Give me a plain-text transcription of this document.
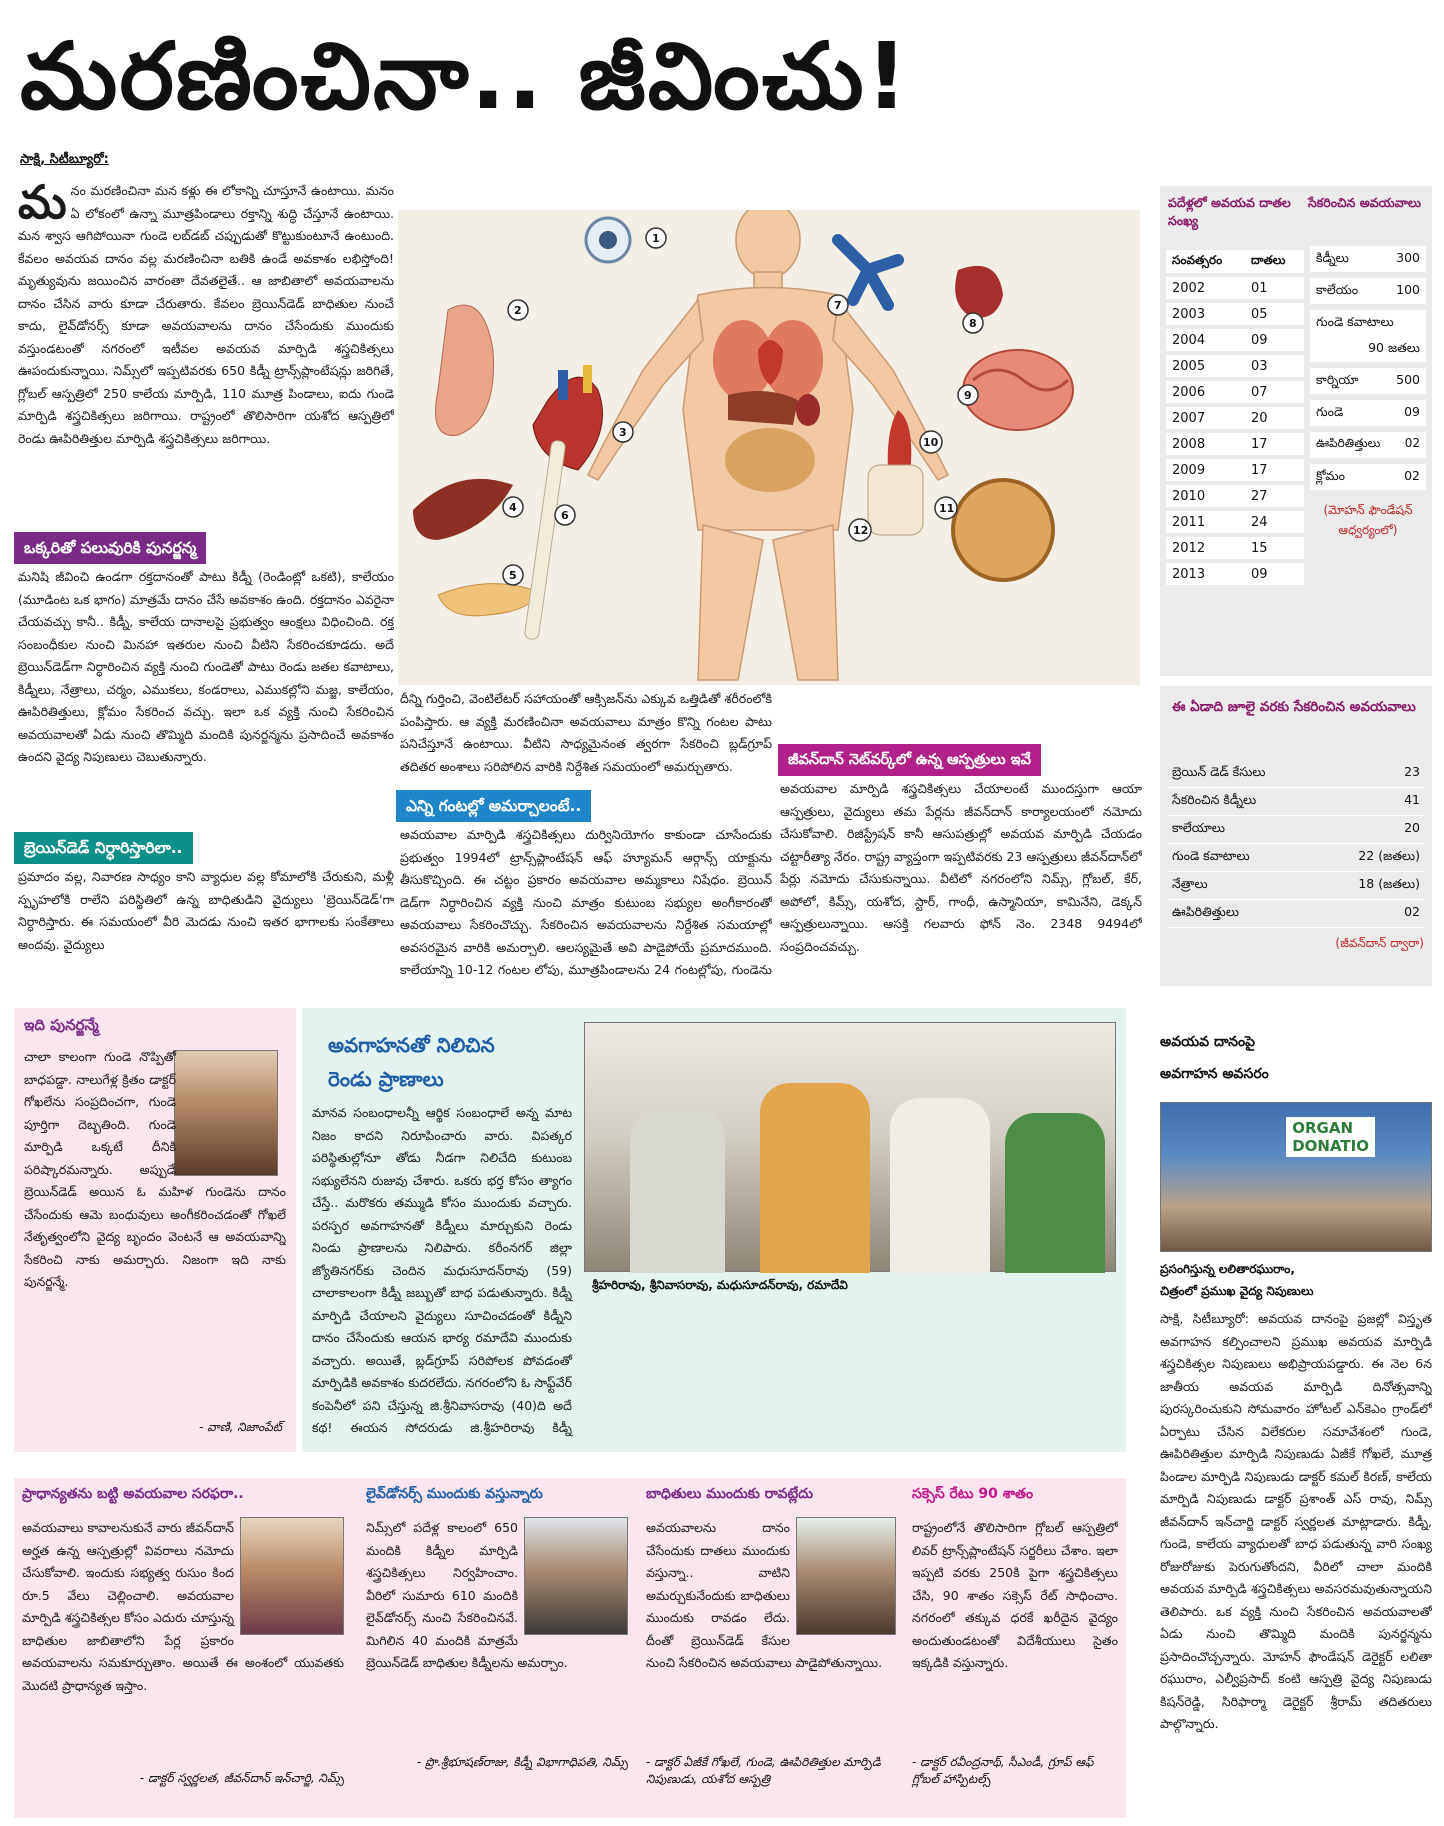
మరణించినా.. జీవించు!
సాక్షి, సిటీబ్యూరో:
మనం మరణించినా మన కళ్లు ఈ లోకాన్ని చూస్తూనే ఉంటాయి. మనం ఏ లోకంలో ఉన్నా మూత్రపిండాలు రక్తాన్ని శుద్ధి చేస్తూనే ఉంటాయి. మన శ్వాస ఆగిపోయినా గుండె లబ్‌డబ్ చప్పుడుతో కొట్టుకుంటూనే ఉంటుంది. కేవలం అవయవ దానం వల్ల మరణించినా బతికి ఉండే అవకాశం లభిస్తోంది! మృత్యువును జయించిన వారంతా దేవతలైతే.. ఆ జాబితాలో అవయవాలను దానం చేసిన వారు కూడా చేరుతారు. కేవలం బ్రెయిన్‌డెడ్ బాధితుల నుంచే కాదు, లైవ్‌డోనర్స్ కూడా అవయవాలను దానం చేసేందుకు ముందుకు వస్తుండటంతో నగరంలో ఇటీవల అవయవ మార్పిడి శస్త్రచికిత్సలు ఊపందుకున్నాయి. నిమ్స్‌లో ఇప్పటివరకు 650 కిడ్నీ ట్రాన్స్‌ప్లాంటేషన్లు జరిగితే, గ్లోబల్ ఆస్పత్రిలో 250 కాలేయ మార్పిడి, 110 మూత్ర పిండాలు, ఐదు గుండె మార్పిడి శస్త్రచికిత్సలు జరిగాయి. రాష్ట్రంలో తొలిసారిగా యశోద ఆస్పత్రిలో రెండు ఊపిరితిత్తుల మార్పిడి శస్త్రచికిత్సలు జరిగాయి.
ఒక్కరితో పలువురికి పునర్జన్మ
మనిషి జీవించి ఉండగా రక్తదానంతో పాటు కిడ్నీ (రెండింట్లో ఒకటి), కాలేయం (మూడింట ఒక భాగం) మాత్రమే దానం చేసే అవకాశం ఉంది. రక్తదానం ఎవరైనా చేయవచ్చు కానీ.. కిడ్నీ, కాలేయ దానాలపై ప్రభుత్వం ఆంక్షలు విధించింది. రక్త సంబంధీకుల నుంచి మినహా ఇతరుల నుంచి వీటిని సేకరించకూడదు. అదే బ్రెయిన్‌డెడ్‌గా నిర్ధారించిన వ్యక్తి నుంచి గుండెతో పాటు రెండు జతల కవాటాలు, కిడ్నీలు, నేత్రాలు, చర్మం, ఎముకలు, కండరాలు, ఎముకల్లోని మజ్జ, కాలేయం, ఊపిరితిత్తులు, క్లోమం సేకరించ వచ్చు. ఇలా ఒక వ్యక్తి నుంచి సేకరించిన అవయవాలతో ఏడు నుంచి తొమ్మిది మందికి పునర్జన్మను ప్రసాదించే అవకాశం ఉందని వైద్య నిపుణులు చెబుతున్నారు.
బ్రెయిన్‌డెడ్ నిర్ధారిస్తారిలా..
ప్రమాదం వల్ల, నివారణ సాధ్యం కాని వ్యాధుల వల్ల కోమాలోకి చేరుకుని, మళ్లీ స్పృహలోకి రాలేని పరిస్థితిలో ఉన్న బాధితుడిని వైద్యులు 'బ్రెయిన్‌డెడ్'గా నిర్ధారిస్తారు. ఈ సమయంలో వీరి మెదడు నుంచి ఇతర భాగాలకు సంకేతాలు అందవు. వైద్యులు
1
2
3
4
5
6
7
8
9
10
11
12
దీన్ని గుర్తించి, వెంటిలేటర్ సహాయంతో ఆక్సిజన్‌ను ఎక్కువ ఒత్తిడితో శరీరంలోకి పంపిస్తారు. ఆ వ్యక్తి మరణించినా అవయవాలు మాత్రం కొన్ని గంటల పాటు పనిచేస్తూనే ఉంటాయి. వీటిని సాధ్యమైనంత త్వరగా సేకరించి బ్లడ్‌గ్రూప్ తదితర అంశాలు సరిపోలిన వారికి నిర్దేశిత సమయంలో అమర్చుతారు.
ఎన్ని గంటల్లో అమర్చాలంటే..
అవయవాల మార్పిడి శస్త్రచికిత్సలు దుర్వినియోగం కాకుండా చూసేందుకు ప్రభుత్వం 1994లో ట్రాన్స్‌ప్లాంటేషన్ ఆఫ్ హ్యూమన్ ఆర్గాన్స్ యాక్టును తీసుకొచ్చింది. ఈ చట్టం ప్రకారం అవయవాల అమ్మకాలు నిషేధం. బ్రెయిన్ డెడ్‌గా నిర్ధారించిన వ్యక్తి నుంచి మాత్రం కుటుంబ సభ్యుల అంగీకారంతో అవయవాలు సేకరించొచ్చు. సేకరించిన అవయవాలను నిర్దేశిత సమయాల్లో అవసరమైన వారికి అమర్చాలి. ఆలస్యమైతే అవి పాడైపోయే ప్రమాదముంది. కాలేయాన్ని 10-12 గంటల లోపు, మూత్రపిండాలను 24 గంటల్లోపు, గుండెను
జీవన్‌దాన్ నెట్‌వర్క్‌లో ఉన్న ఆస్పత్రులు ఇవే
అవయవాల మార్పిడి శస్త్రచికిత్సలు చేయాలంటే ముందస్తుగా ఆయా ఆస్పత్రులు, వైద్యులు తమ పేర్లను జీవన్‌దాన్ కార్యాలయంలో నమోదు చేసుకోవాలి. రిజిస్ట్రేషన్ కానీ ఆసుపత్రుల్లో అవయవ మార్పిడి చేయడం చట్టారీత్యా నేరం. రాష్ట్ర వ్యాప్తంగా ఇప్పటివరకు 23 ఆస్పత్రులు జీవన్‌దాన్‌లో పేర్లు నమోదు చేసుకున్నాయి. వీటిలో నగరంలోని నిమ్స్, గ్లోబల్, కేర్, అపోలో, కిమ్స్, యశోద, స్టార్, గాంధీ, ఉస్మానియా, కామినేని, డెక్కన్ ఆస్పత్రులున్నాయి. ఆసక్తి గలవారు ఫోన్ నెం. 2348 9494లో సంప్రదించవచ్చు.
పదేళ్లలో అవయవ దాతల సంఖ్య
సేకరించిన అవయవాలు
సంవత్సరం	దాతలు
2002	01
2003	05
2004	09
2005	03
2006	07
2007	20
2008	17
2009	17
2010	27
2011	24
2012	15
2013	09
కిడ్నీలు	300
కాలేయం	100
గుండె కవాటాలు
90 జతలు
కార్నియా	500
గుండె	09
ఊపిరితిత్తులు 02
క్లోమం	02
(మోహన్ ఫౌండేషన్ ఆధ్వర్యంలో)
ఈ ఏడాది జూలై వరకు సేకరించిన అవయవాలు
బ్రెయిన్ డెడ్ కేసులు	23
సేకరించిన కిడ్నీలు	41
కాలేయాలు	20
గుండె కవాటాలు	22 (జతలు)
నేత్రాలు	18 (జతలు)
ఊపిరితిత్తులు	02
(జీవన్‌దాన్ ద్వారా)
ఇది పునర్జన్మే
చాలా కాలంగా గుండె నొప్పితో బాధపడ్డా. నాలుగేళ్ల క్రితం డాక్టర్ గోఖలేను సంప్రదించగా, గుండె పూర్తిగా దెబ్బతింది. గుండె మార్పిడి ఒక్కటే దీనికి పరిష్కారమన్నారు. అప్పుడే బ్రెయిన్‌డెడ్ అయిన ఓ మహిళ గుండెను దానం చేసేందుకు ఆమె బంధువులు అంగీకరించడంతో గోఖలే నేతృత్వంలోని వైద్య బృందం వెంటనే ఆ అవయవాన్ని సేకరించి నాకు అమర్చారు. నిజంగా ఇది నాకు పునర్జన్మే.
- వాణి, నిజాంపేట్
అవగాహనతో నిలిచిన
రెండు ప్రాణాలు
శ్రీహరిరావు, శ్రీనివాసరావు, మధుసూదన్‌రావు, రమాదేవి
మానవ సంబంధాలన్నీ ఆర్థిక సంబంధాలే అన్న మాట నిజం కాదని నిరూపించారు వారు. విపత్కర పరిస్థితుల్లోనూ తోడు నీడగా నిలిచేది కుటుంబ సభ్యులేనని రుజువు చేశారు. ఒకరు భర్త కోసం త్యాగం చేస్తే.. మరొకరు తమ్ముడి కోసం ముందుకు వచ్చారు. పరస్పర అవగాహనతో కిడ్నీలు మార్చుకుని రెండు నిండు ప్రాణాలను నిలిపారు. కరీంనగర్ జిల్లా జ్యోతినగర్‌కు చెందిన మధుసూదన్‌రావు (59) చాలాకాలంగా కిడ్నీ జబ్బుతో బాధ పడుతున్నారు. కిడ్నీ మార్పిడి చేయాలని వైద్యులు సూచించడంతో కిడ్నీని దానం చేసేందుకు ఆయన భార్య రమాదేవి ముందుకు వచ్చారు. అయితే, బ్లడ్‌గ్రూప్ సరిపోలక పోవడంతో మార్పిడికి అవకాశం కుదరలేదు. నగరంలోని ఓ సాఫ్ట్‌వేర్ కంపెనీలో పని చేస్తున్న జి.శ్రీనివాసరావు (40)ది అదే కథ! ఈయన సోదరుడు జి.శ్రీహరిరావు కిడ్నీ
అవయవ దానంపై
అవగాహన అవసరం
ORGAN
DONATIO
ప్రసంగిస్తున్న లలితారఘురాం,
చిత్రంలో ప్రముఖ వైద్య నిపుణులు
సాక్షి, సిటీబ్యూరో: అవయవ దానంపై ప్రజల్లో విస్తృత అవగాహన కల్పించాలని ప్రముఖ అవయవ మార్పిడి శస్త్రచికిత్సల నిపుణులు అభిప్రాయపడ్డారు. ఈ నెల 6న జాతీయ అవయవ మార్పిడి దినోత్సవాన్ని పురస్కరించుకుని సోమవారం హోటల్ ఎన్‌కెఎం గ్రాండ్‌లో ఏర్పాటు చేసిన విలేకరుల సమావేశంలో గుండె, ఊపిరితిత్తుల మార్పిడి నిపుణుడు ఏజీకే గోఖలే, మూత్ర పిండాల మార్పిడి నిపుణుడు డాక్టర్ కమల్ కిరణ్, కాలేయ మార్పిడి నిపుణుడు డాక్టర్ ప్రశాంత్ ఎస్ రావు, నిమ్స్ జీవన్‌దాన్ ఇన్‌చార్జి డాక్టర్ స్వర్ణలత మాట్లాడారు. కిడ్నీ, గుండె, కాలేయ వ్యాధులతో బాధ పడుతున్న వారి సంఖ్య రోజురోజుకు పెరుగుతోందని, వీరిలో చాలా మందికి అవయవ మార్పిడి శస్త్రచికిత్సలు అవసరమవుతున్నాయని తెలిపారు. ఒక వ్యక్తి నుంచి సేకరించిన అవయవాలతో ఏడు నుంచి తొమ్మిది మందికి పునర్జన్మను ప్రసాదించొచ్చన్నారు. మోహన్ ఫౌండేషన్ డెరైక్టర్ లలితా రఘురాం, ఎల్వీప్రసాద్ కంటి ఆస్పత్రి వైద్య నిపుణుడు కిషన్‌రెడ్డి, సిరిఫార్మా డెరైక్టర్ శ్రీరామ్ తదితరులు పాల్గొన్నారు.
ప్రాధాన్యతను బట్టి అవయవాల సరఫరా..
అవయవాలు కావాలనుకునే వారు జీవన్‌దాన్ అర్హత ఉన్న ఆస్పత్రుల్లో వివరాలు నమోదు చేసుకోవాలి. ఇందుకు సభ్యత్వ రుసుం కింద రూ.5 వేలు చెల్లించాలి. అవయవాల మార్పిడి శస్త్రచికిత్సల కోసం ఎదురు చూస్తున్న బాధితుల జాబితాలోని పేర్ల ప్రకారం అవయవాలను సమకూర్చుతాం. అయితే ఈ అంశంలో యువతకు మొదటి ప్రాధాన్యత ఇస్తాం.
- డాక్టర్ స్వర్ణలత, జీవన్‌దాన్ ఇన్‌చార్జి, నిమ్స్
లైవ్‌డోనర్స్ ముందుకు వస్తున్నారు
నిమ్స్‌లో పదేళ్ల కాలంలో 650 మందికి కిడ్నీల మార్పిడి శస్త్రచికిత్సలు నిర్వహించాం. వీరిలో సుమారు 610 మందికి లైవ్‌డోనర్స్ నుంచి సేకరించినవే. మిగిలిన 40 మందికి మాత్రమే బ్రెయిన్‌డెడ్ బాధితుల కిడ్నీలను అమర్చాం.
- ప్రొ.శ్రీభూషణ్‌రాజు, కిడ్నీ విభాగాధిపతి, నిమ్స్
బాధితులు ముందుకు రావట్లేదు
అవయవాలను దానం చేసేందుకు దాతలు ముందుకు వస్తున్నా.. వాటిని అమర్చుకునేందుకు బాధితులు ముందుకు రావడం లేదు. దీంతో బ్రెయిన్‌డెడ్ కేసుల నుంచి సేకరించిన అవయవాలు పాడైపోతున్నాయి.
- డాక్టర్ ఏజీకే గోఖలే, గుండె, ఊపిరితిత్తుల మార్పిడి నిపుణుడు, యశోద ఆస్పత్రి
సక్సెస్ రేటు 90 శాతం
రాష్ట్రంలోనే తొలిసారిగా గ్లోబల్ ఆస్పత్రిలో లివర్ ట్రాన్స్‌ప్లాంటేషన్ సర్జరీలు చేశాం. ఇలా ఇప్పటి వరకు 250కి పైగా శస్త్రచికిత్సలు చేసి, 90 శాతం సక్సెస్ రేట్ సాధించాం. నగరంలో తక్కువ ధరకే ఖరీదైన వైద్యం అందుతుండటంతో విదేశీయులు సైతం ఇక్కడికి వస్తున్నారు.
- డాక్టర్ రవీంద్రనాథ్, సీఎండీ, గ్రూప్ ఆఫ్ గ్లోబల్ హాస్పిటల్స్
